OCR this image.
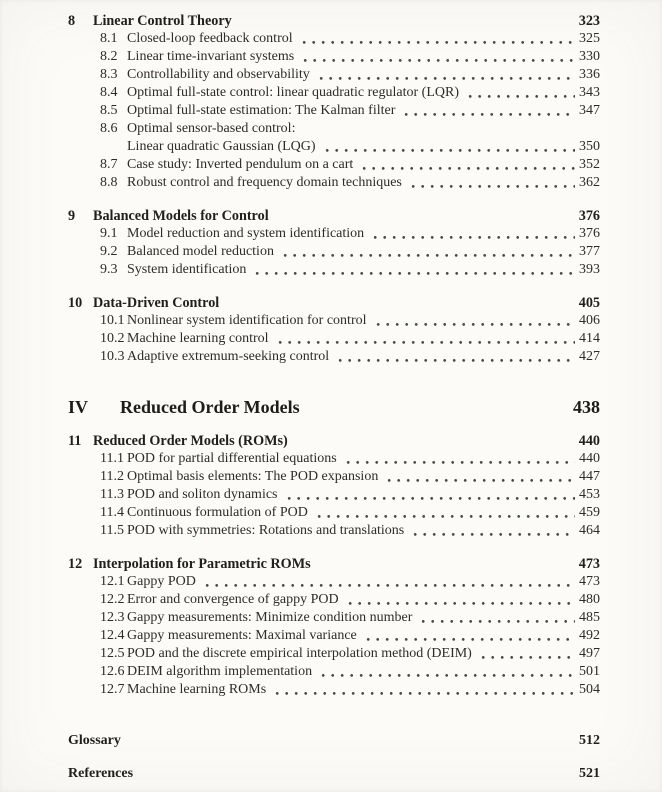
8	Linear Control Theory	323
8.1 Closed-loop feedback control	325
8.2 Linear time-invariant systems	330
8.3 Controllability and observability	336
8.4 Optimal full-state control: linear quadratic regulator (LQR)	343
8.5 Optimal full-state estimation: The Kalman filter	347
8.6 Optimal sensor-based control:
Linear quadratic Gaussian (LQG)	350
8.7 Case study: Inverted pendulum on a cart	352
8.8 Robust control and frequency domain techniques	362
9	Balanced Models for Control	376
9.1 Model reduction and system identification	376
9.2 Balanced model reduction	377
9.3 System identification	393
10 Data-Driven Control	405
10.1 Nonlinear system identification for control	406
10.2 Machine learning control	414
10.3 Adaptive extremum-seeking control	427
IV	Reduced Order Models	438
11 Reduced Order Models (ROMs)	440
11.1 POD for partial differential equations	440
11.2 Optimal basis elements: The POD expansion	447
11.3 POD and soliton dynamics	453
11.4 Continuous formulation of POD	459
11.5 POD with symmetries: Rotations and translations	464
12 Interpolation for Parametric ROMs	473
12.1 Gappy POD	473
12.2 Error and convergence of gappy POD	480
12.3 Gappy measurements: Minimize condition number	485
12.4 Gappy measurements: Maximal variance	492
12.5 POD and the discrete empirical interpolation method (DEIM)	497
12.6 DEIM algorithm implementation	501
12.7 Machine learning ROMs	504
Glossary	512
References	521
